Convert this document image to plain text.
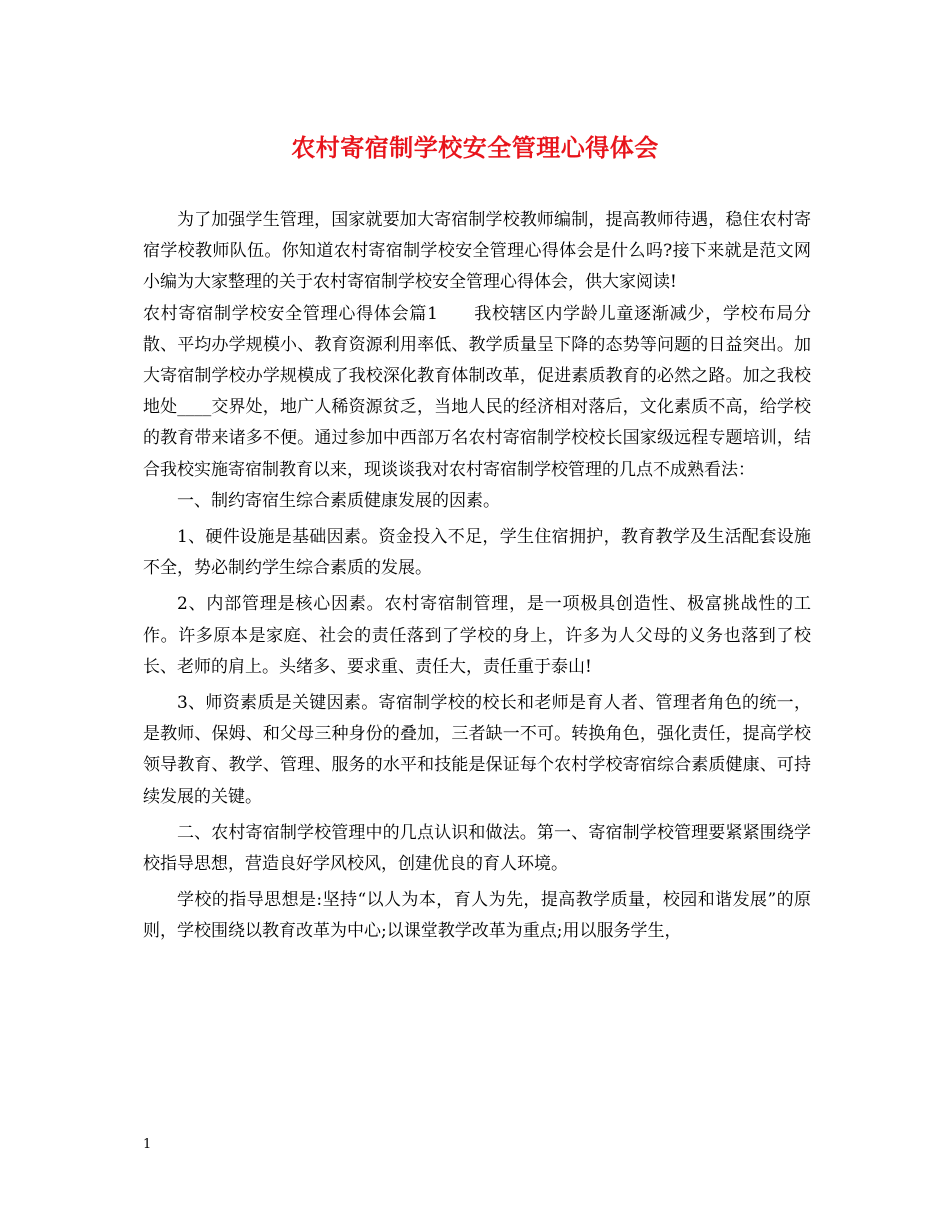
农村寄宿制学校安全管理心得体会

为了加强学生管理，国家就要加大寄宿制学校教师编制，提高教师待遇，稳住农村寄宿学校教师队伍。你知道农村寄宿制学校安全管理心得体会是什么吗?接下来就是范文网小编为大家整理的关于农村寄宿制学校安全管理心得体会，供大家阅读!

农村寄宿制学校安全管理心得体会篇1　　我校辖区内学龄儿童逐渐减少，学校布局分散、平均办学规模小、教育资源利用率低、教学质量呈下降的态势等问题的日益突出。加大寄宿制学校办学规模成了我校深化教育体制改革，促进素质教育的必然之路。加之我校地处____交界处，地广人稀资源贫乏，当地人民的经济相对落后，文化素质不高，给学校的教育带来诸多不便。通过参加中西部万名农村寄宿制学校校长国家级远程专题培训，结合我校实施寄宿制教育以来，现谈谈我对农村寄宿制学校管理的几点不成熟看法：

一、制约寄宿生综合素质健康发展的因素。

1、硬件设施是基础因素。资金投入不足，学生住宿拥护，教育教学及生活配套设施不全，势必制约学生综合素质的发展。

2、内部管理是核心因素。农村寄宿制管理，是一项极具创造性、极富挑战性的工作。许多原本是家庭、社会的责任落到了学校的身上，许多为人父母的义务也落到了校长、老师的肩上。头绪多、要求重、责任大，责任重于泰山!

3、师资素质是关键因素。寄宿制学校的校长和老师是育人者、管理者角色的统一，是教师、保姆、和父母三种身份的叠加，三者缺一不可。转换角色，强化责任，提高学校领导教育、教学、管理、服务的水平和技能是保证每个农村学校寄宿综合素质健康、可持续发展的关键。

二、农村寄宿制学校管理中的几点认识和做法。第一、寄宿制学校管理要紧紧围绕学校指导思想，营造良好学风校风，创建优良的育人环境。

学校的指导思想是:坚持“以人为本，育人为先，提高教学质量，校园和谐发展”的原则，学校围绕以教育改革为中心;以课堂教学改革为重点;用以服务学生，

1
